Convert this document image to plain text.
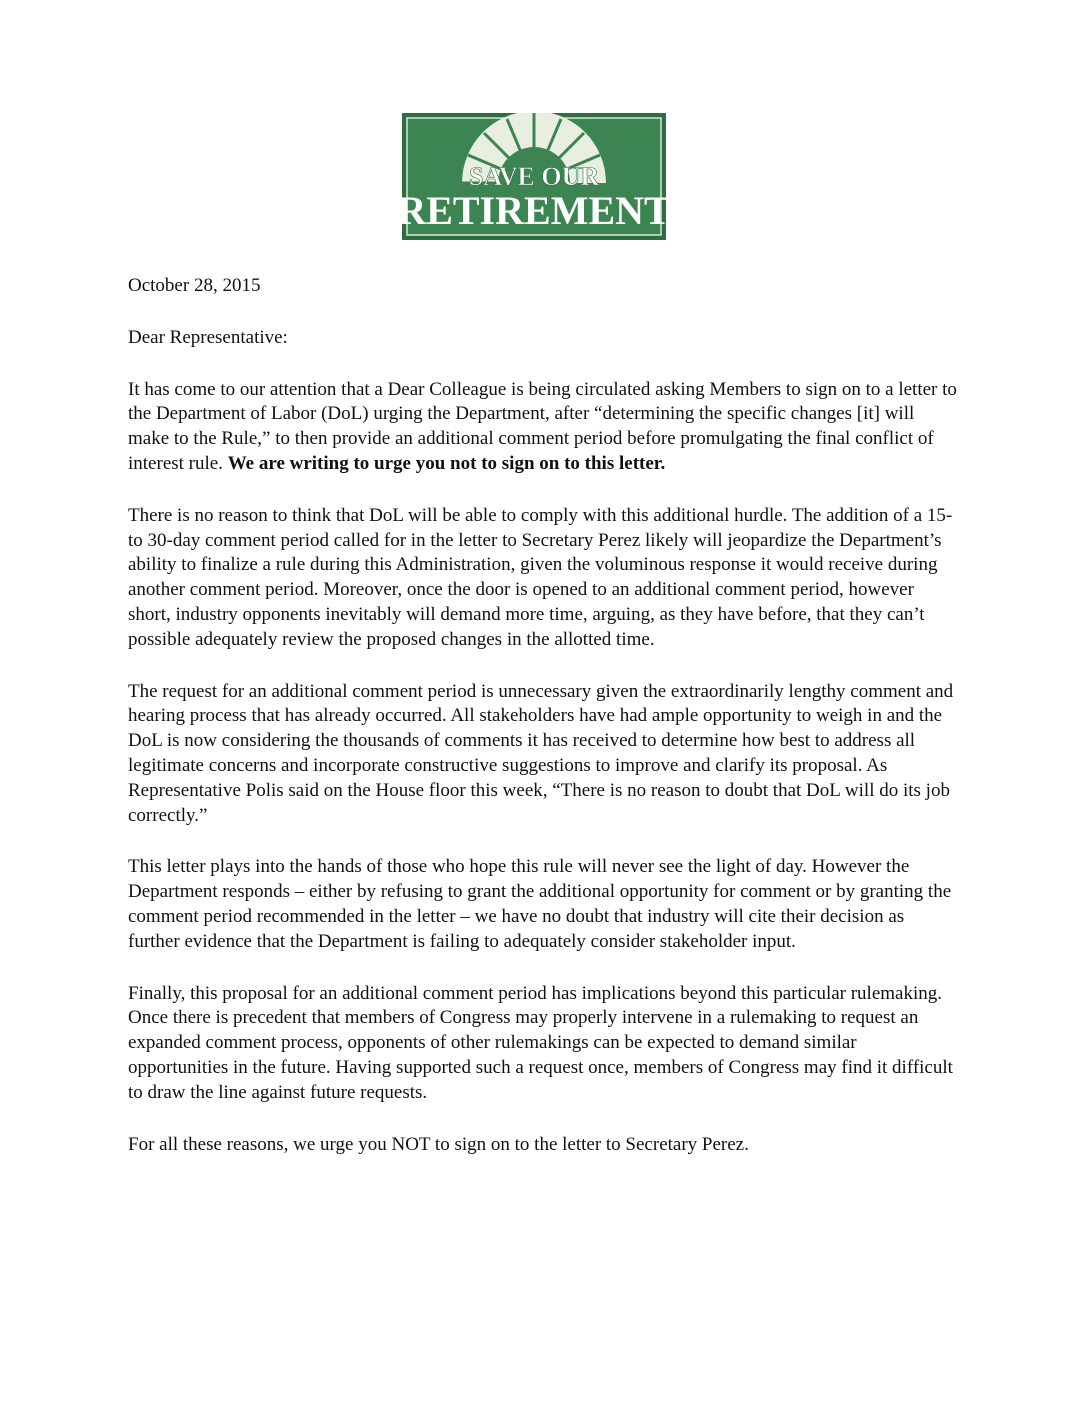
SAVE OUR
RETIREMENT

October 28, 2015

Dear Representative:

It has come to our attention that a Dear Colleague is being circulated asking Members to sign on to a letter to the Department of Labor (DoL) urging the Department, after “determining the specific changes [it] will make to the Rule,” to then provide an additional comment period before promulgating the final conflict of interest rule. We are writing to urge you not to sign on to this letter.

There is no reason to think that DoL will be able to comply with this additional hurdle. The addition of a 15- to 30-day comment period called for in the letter to Secretary Perez likely will jeopardize the Department’s ability to finalize a rule during this Administration, given the voluminous response it would receive during another comment period. Moreover, once the door is opened to an additional comment period, however short, industry opponents inevitably will demand more time, arguing, as they have before, that they can’t possible adequately review the proposed changes in the allotted time.

The request for an additional comment period is unnecessary given the extraordinarily lengthy comment and hearing process that has already occurred. All stakeholders have had ample opportunity to weigh in and the DoL is now considering the thousands of comments it has received to determine how best to address all legitimate concerns and incorporate constructive suggestions to improve and clarify its proposal. As Representative Polis said on the House floor this week, “There is no reason to doubt that DoL will do its job correctly.”

This letter plays into the hands of those who hope this rule will never see the light of day. However the Department responds – either by refusing to grant the additional opportunity for comment or by granting the comment period recommended in the letter – we have no doubt that industry will cite their decision as further evidence that the Department is failing to adequately consider stakeholder input.

Finally, this proposal for an additional comment period has implications beyond this particular rulemaking. Once there is precedent that members of Congress may properly intervene in a rulemaking to request an expanded comment process, opponents of other rulemakings can be expected to demand similar opportunities in the future. Having supported such a request once, members of Congress may find it difficult to draw the line against future requests.

For all these reasons, we urge you NOT to sign on to the letter to Secretary Perez.
